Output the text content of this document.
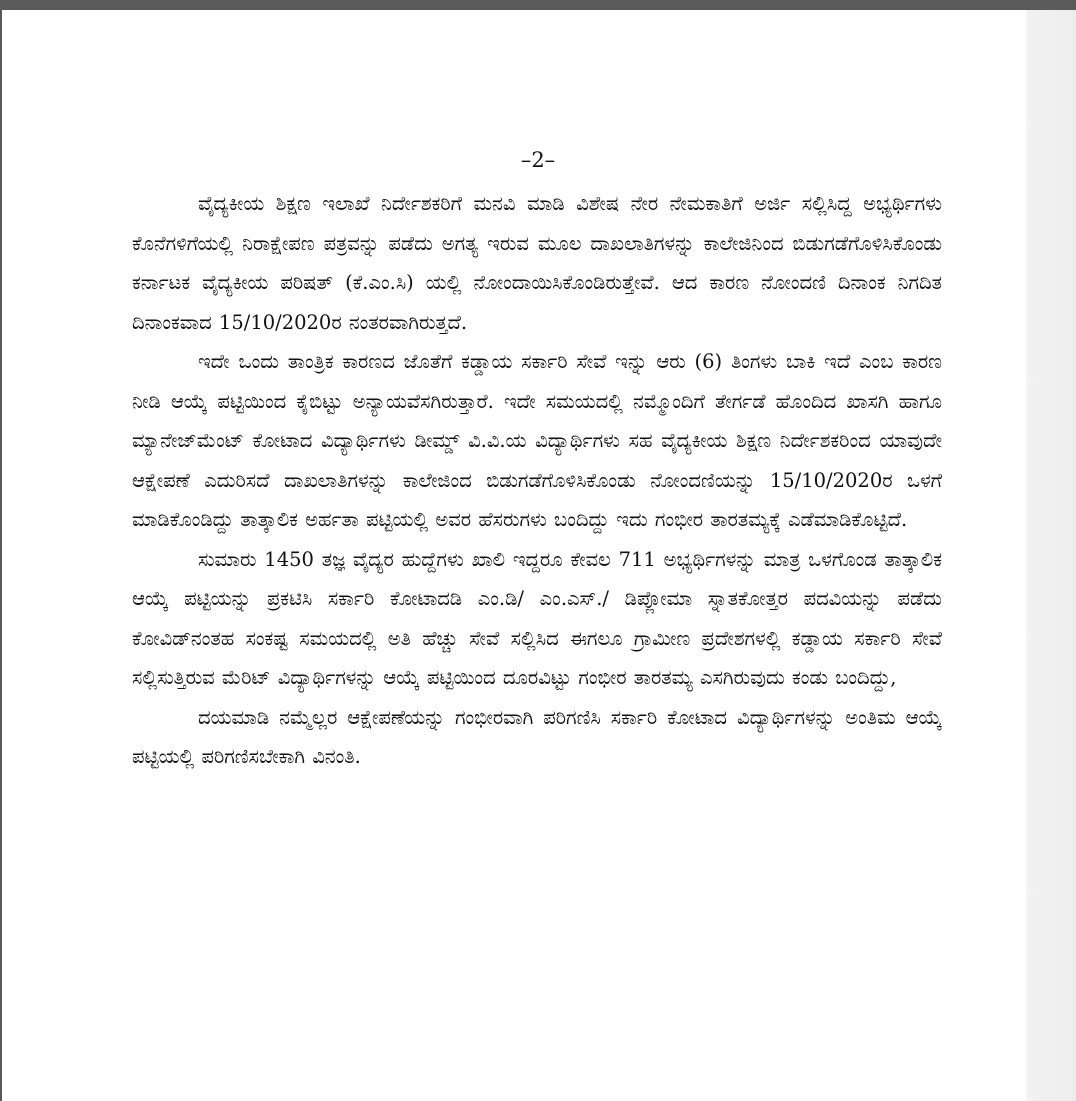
–2–

ವೈದ್ಯಕೀಯ ಶಿಕ್ಷಣ ಇಲಾಖೆ ನಿರ್ದೇಶಕರಿಗೆ ಮನವಿ ಮಾಡಿ ವಿಶೇಷ ನೇರ ನೇಮಕಾತಿಗೆ ಅರ್ಜಿ ಸಲ್ಲಿಸಿದ್ದ ಅಭ್ಯರ್ಥಿಗಳು ಕೊನೆಗಳಿಗೆಯಲ್ಲಿ ನಿರಾಕ್ಷೇಪಣ ಪತ್ರವನ್ನು ಪಡೆದು ಅಗತ್ಯ ಇರುವ ಮೂಲ ದಾಖಲಾತಿಗಳನ್ನು ಕಾಲೇಜಿನಿಂದ ಬಿಡುಗಡೆಗೊಳಿಸಿಕೊಂಡು ಕರ್ನಾಟಕ ವೈದ್ಯಕೀಯ ಪರಿಷತ್ (ಕೆ.ಎಂ.ಸಿ) ಯಲ್ಲಿ ನೋಂದಾಯಿಸಿಕೊಂಡಿರುತ್ತೇವೆ. ಆದ ಕಾರಣ ನೋಂದಣಿ ದಿನಾಂಕ ನಿಗದಿತ ದಿನಾಂಕವಾದ 15/10/2020ರ ನಂತರವಾಗಿರುತ್ತದೆ.

ಇದೇ ಒಂದು ತಾಂತ್ರಿಕ ಕಾರಣದ ಜೊತೆಗೆ ಕಡ್ಡಾಯ ಸರ್ಕಾರಿ ಸೇವೆ ಇನ್ನು ಆರು (6) ತಿಂಗಳು ಬಾಕಿ ಇದೆ ಎಂಬ ಕಾರಣ ನೀಡಿ ಆಯ್ಕೆ ಪಟ್ಟಿಯಿಂದ ಕೈಬಿಟ್ಟು ಅನ್ಯಾಯವೆಸಗಿರುತ್ತಾರೆ. ಇದೇ ಸಮಯದಲ್ಲಿ ನಮ್ಮೊಂದಿಗೆ ತೇರ್ಗಡೆ ಹೊಂದಿದ ಖಾಸಗಿ ಹಾಗೂ ಮ್ಯಾನೇಜ್‌ಮೆಂಟ್ ಕೋಟಾದ ವಿದ್ಯಾರ್ಥಿಗಳು ಡೀಮ್ಡ್ ವಿ.ವಿ.ಯ ವಿದ್ಯಾರ್ಥಿಗಳು ಸಹ ವೈದ್ಯಕೀಯ ಶಿಕ್ಷಣ ನಿರ್ದೇಶಕರಿಂದ ಯಾವುದೇ ಆಕ್ಷೇಪಣೆ ಎದುರಿಸದೆ ದಾಖಲಾತಿಗಳನ್ನು ಕಾಲೇಜಿಂದ ಬಿಡುಗಡೆಗೊಳಿಸಿಕೊಂಡು ನೋಂದಣಿಯನ್ನು 15/10/2020ರ ಒಳಗೆ ಮಾಡಿಕೊಂಡಿದ್ದು ತಾತ್ಕಾಲಿಕ ಅರ್ಹತಾ ಪಟ್ಟಿಯಲ್ಲಿ ಅವರ ಹೆಸರುಗಳು ಬಂದಿದ್ದು ಇದು ಗಂಭೀರ ತಾರತಮ್ಯಕ್ಕೆ ಎಡೆಮಾಡಿಕೊಟ್ಟಿದೆ.

ಸುಮಾರು 1450 ತಜ್ಞ ವೈದ್ಯರ ಹುದ್ದೆಗಳು ಖಾಲಿ ಇದ್ದರೂ ಕೇವಲ 711 ಅಭ್ಯರ್ಥಿಗಳನ್ನು ಮಾತ್ರ ಒಳಗೊಂಡ ತಾತ್ಕಾಲಿಕ ಆಯ್ಕೆ ಪಟ್ಟಿಯನ್ನು ಪ್ರಕಟಿಸಿ ಸರ್ಕಾರಿ ಕೋಟಾದಡಿ ಎಂ.ಡಿ/ ಎಂ.ಎಸ್./ ಡಿಪ್ಲೋಮಾ ಸ್ನಾತಕೋತ್ತರ ಪದವಿಯನ್ನು ಪಡೆದು ಕೋವಿಡ್‌ನಂತಹ ಸಂಕಷ್ಟ ಸಮಯದಲ್ಲಿ ಅತಿ ಹೆಚ್ಚು ಸೇವೆ ಸಲ್ಲಿಸಿದ ಈಗಲೂ ಗ್ರಾಮೀಣ ಪ್ರದೇಶಗಳಲ್ಲಿ ಕಡ್ಡಾಯ ಸರ್ಕಾರಿ ಸೇವೆ ಸಲ್ಲಿಸುತ್ತಿರುವ ಮೆರಿಟ್ ವಿದ್ಯಾರ್ಥಿಗಳನ್ನು ಆಯ್ಕೆ ಪಟ್ಟಿಯಿಂದ ದೂರವಿಟ್ಟು ಗಂಭೀರ ತಾರತಮ್ಯ ಎಸಗಿರುವುದು ಕಂಡು ಬಂದಿದ್ದು,

ದಯಮಾಡಿ ನಮ್ಮೆಲ್ಲರ ಆಕ್ಷೇಪಣೆಯನ್ನು ಗಂಭೀರವಾಗಿ ಪರಿಗಣಿಸಿ ಸರ್ಕಾರಿ ಕೋಟಾದ ವಿದ್ಯಾರ್ಥಿಗಳನ್ನು ಅಂತಿಮ ಆಯ್ಕೆ ಪಟ್ಟಿಯಲ್ಲಿ ಪರಿಗಣಿಸಬೇಕಾಗಿ ವಿನಂತಿ.
